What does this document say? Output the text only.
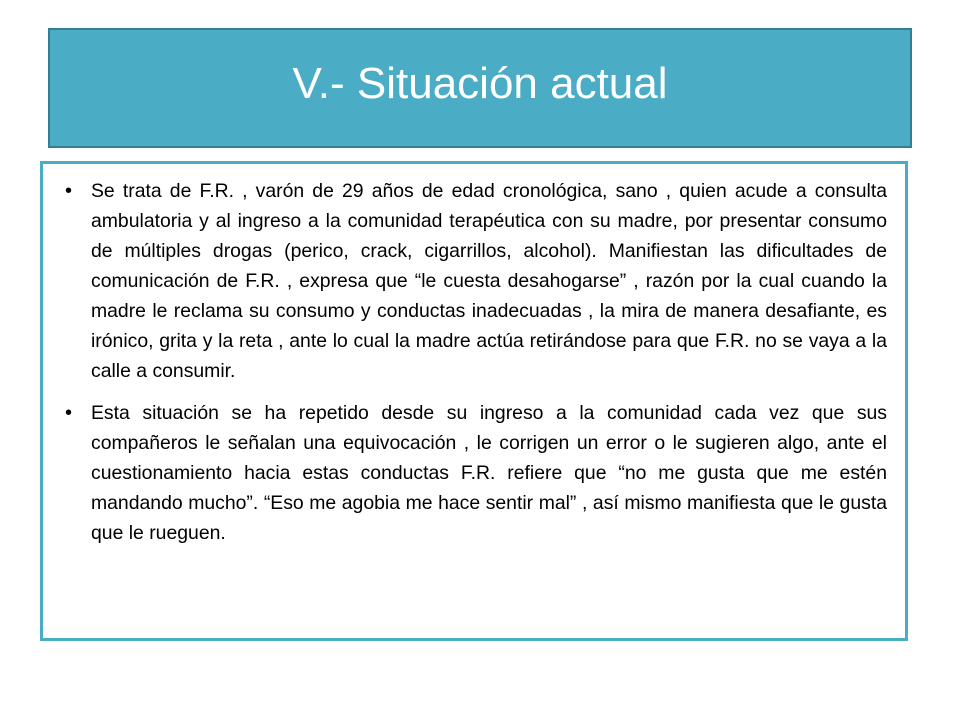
V.- Situación actual
• Se trata de F.R. , varón de 29 años de edad cronológica, sano , quien acude a consulta ambulatoria y al ingreso a la comunidad terapéutica con su madre, por presentar consumo de múltiples drogas (perico, crack, cigarrillos, alcohol). Manifiestan las dificultades de comunicación de F.R. , expresa que “le cuesta desahogarse” , razón por la cual cuando la madre le reclama su consumo y conductas inadecuadas , la mira de manera desafiante, es irónico, grita y la reta , ante lo cual la madre actúa retirándose para que F.R. no se vaya a la calle a consumir.
• Esta situación se ha repetido desde su ingreso a la comunidad cada vez que sus compañeros le señalan una equivocación , le corrigen un error o le sugieren algo, ante el cuestionamiento hacia estas conductas F.R. refiere que “no me gusta que me estén mandando mucho”. “Eso me agobia me hace sentir mal” , así mismo manifiesta que le gusta que le rueguen.
